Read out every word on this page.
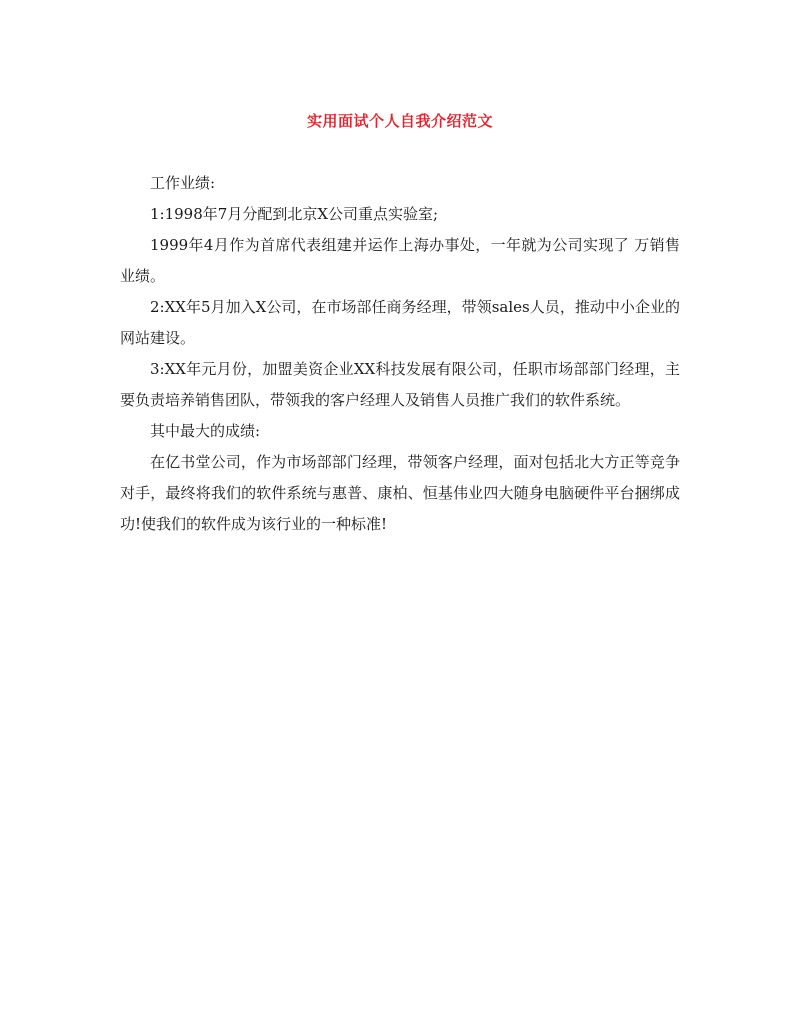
实用面试个人自我介绍范文

工作业绩:

1:1998年7月分配到北京X公司重点实验室;

1999年4月作为首席代表组建并运作上海办事处，一年就为公司实现了 万销售业绩。

2:XX年5月加入X公司，在市场部任商务经理，带领sales人员，推动中小企业的网站建设。

3:XX年元月份，加盟美资企业XX科技发展有限公司，任职市场部部门经理，主要负责培养销售团队，带领我的客户经理人及销售人员推广我们的软件系统。

其中最大的成绩:

在亿书堂公司，作为市场部部门经理，带领客户经理，面对包括北大方正等竞争对手，最终将我们的软件系统与惠普、康柏、恒基伟业四大随身电脑硬件平台捆绑成功!使我们的软件成为该行业的一种标准!
